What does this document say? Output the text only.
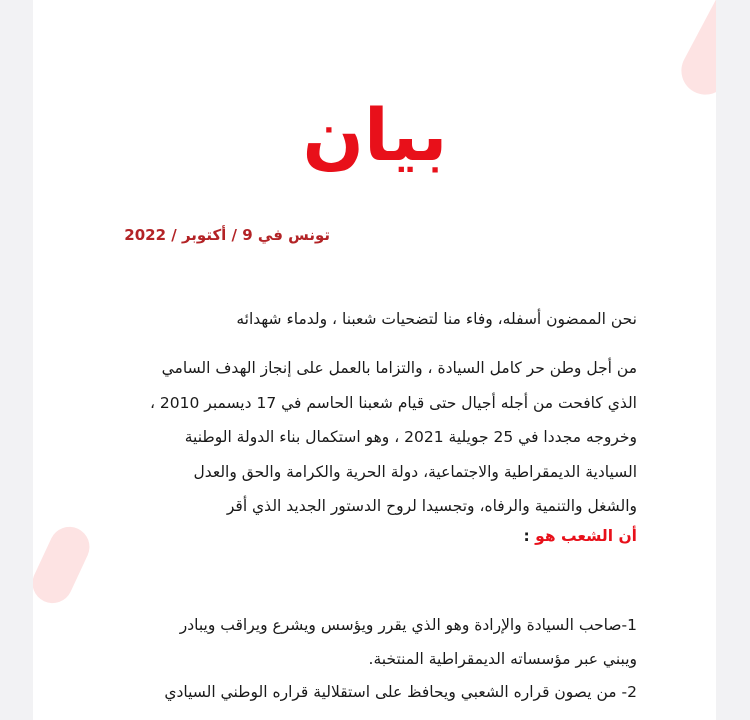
بيان
تونس في 9 / أكتوبر / 2022
نحن الممضون أسفله، وفاء منا لتضحيات شعبنا ، ولدماء شهدائه
من أجل وطن حر كامل السيادة ، والتزاما بالعمل على إنجاز الهدف السامي
الذي كافحت من أجله أجيال حتى قيام شعبنا الحاسم في 17 ديسمبر 2010 ،
وخروجه مجددا في 25 جويلية 2021 ، وهو استكمال بناء الدولة الوطنية
السيادية الديمقراطية والاجتماعية، دولة الحرية والكرامة والحق والعدل
والشغل والتنمية والرفاه، وتجسيدا لروح الدستور الجديد الذي أقر
أن الشعب هو :
1-صاحب السيادة والإرادة وهو الذي يقرر ويؤسس ويشرع ويراقب ويبادر
ويبني عبر مؤسساته الديمقراطية المنتخبة.
2- من يصون قراره الشعبي ويحافظ على استقلالية قراره الوطني السيادي
